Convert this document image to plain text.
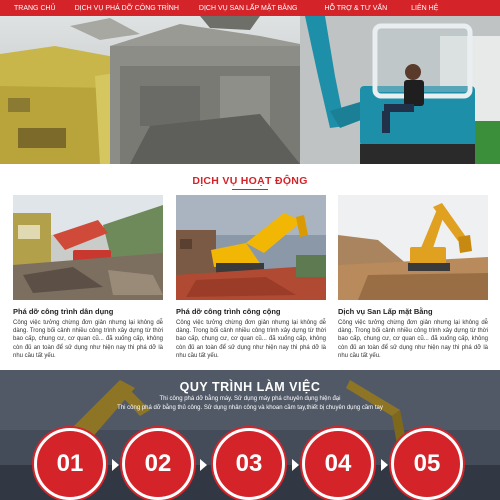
TRANG CHỦ	DỊCH VỤ PHÁ DỠ CÔNG TRÌNH	DỊCH VỤ SAN LẤP MẶT BẰNG	HỖ TRỢ & TƯ VẤN	LIÊN HỆ
DỊCH VỤ HOẠT ĐỘNG
Phá dỡ công trình dân dụng
Công việc tưởng chừng đơn giản nhưng lại không dễ dàng. Trong bối cảnh nhiều công trình xây dựng từ thời bao cấp, chung cư, cơ quan cũ... đã xuống cấp, không còn đủ an toàn để sử dụng như hiện nay thì phá dỡ là nhu cầu tất yếu.
Phá dỡ công trình công cộng
Công việc tưởng chừng đơn giản nhưng lại không dễ dàng. Trong bối cảnh nhiều công trình xây dựng từ thời bao cấp, chung cư, cơ quan cũ... đã xuống cấp, không còn đủ an toàn để sử dụng như hiện nay thì phá dỡ là nhu cầu tất yếu.
Dịch vụ San Lấp mặt Bằng
Công việc tưởng chừng đơn giản nhưng lại không dễ dàng. Trong bối cảnh nhiều công trình xây dựng từ thời bao cấp, chung cư, cơ quan cũ... đã xuống cấp, không còn đủ an toàn để sử dụng như hiện nay thì phá dỡ là nhu cầu tất yếu.
QUY TRÌNH LÀM VIỆC
Thi công phá dỡ bằng máy. Sử dụng máy phá chuyên dụng hiện đại
Thi công phá dỡ bằng thủ công. Sử dụng nhân công và khoan cầm tay,thiết bị chuyên dụng cầm tay
01	02	03	04	05
